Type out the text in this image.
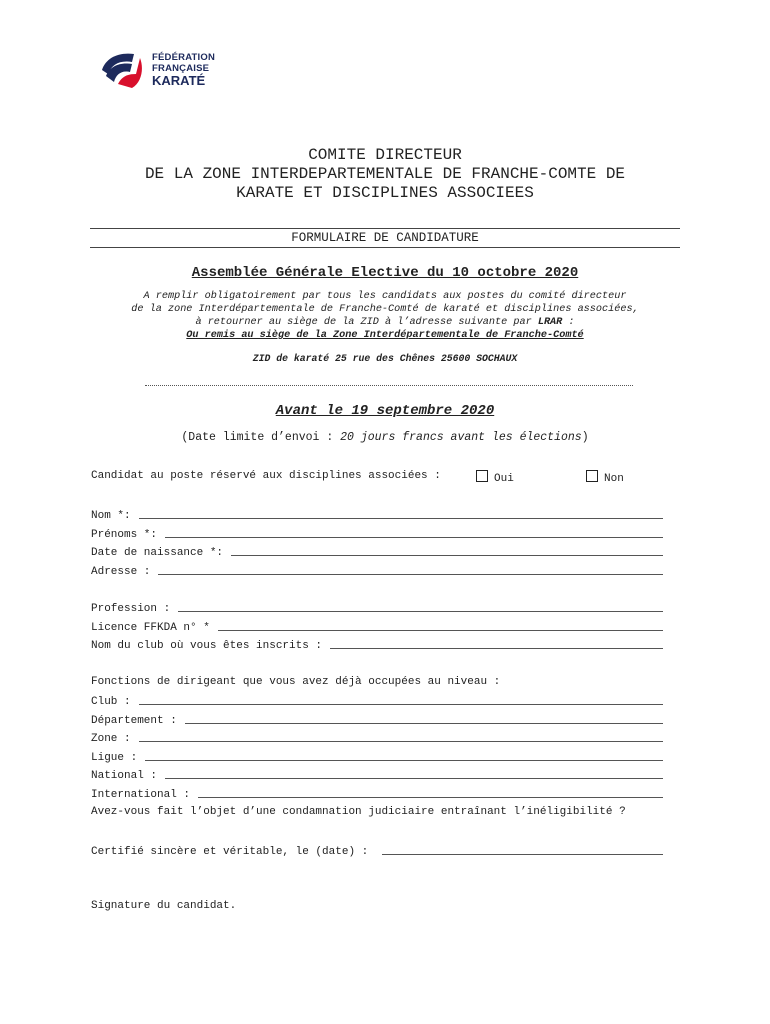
FÉDÉRATION
FRANÇAISE
KARATÉ
COMITE DIRECTEUR
DE LA ZONE INTERDEPARTEMENTALE DE FRANCHE-COMTE DE
KARATE ET DISCIPLINES ASSOCIEES
FORMULAIRE DE CANDIDATURE
Assemblée Générale Elective du 10 octobre 2020
A remplir obligatoirement par tous les candidats aux postes du comité directeur
de la zone Interdépartementale de Franche-Comté de karaté et disciplines associées,
à retourner au siège de la ZID à l’adresse suivante par LRAR :
Ou remis au siège de la Zone Interdépartementale de Franche-Comté
ZID de karaté 25 rue des Chênes 25600 SOCHAUX
Avant le 19 septembre 2020
(Date limite d’envoi : 20 jours francs avant les élections)
Candidat au poste réservé aux disciplines associées :	Oui	Non
Nom *:
Prénoms *:
Date de naissance *:
Adresse :
Profession :
Licence FFKDA n° *
Nom du club où vous êtes inscrits :
Fonctions de dirigeant que vous avez déjà occupées au niveau :
Club :
Département :
Zone :
Ligue :
National :
International :
Avez-vous fait l’objet d’une condamnation judiciaire entraînant l’inéligibilité ?
Certifié sincère et véritable, le (date) :
Signature du candidat.
